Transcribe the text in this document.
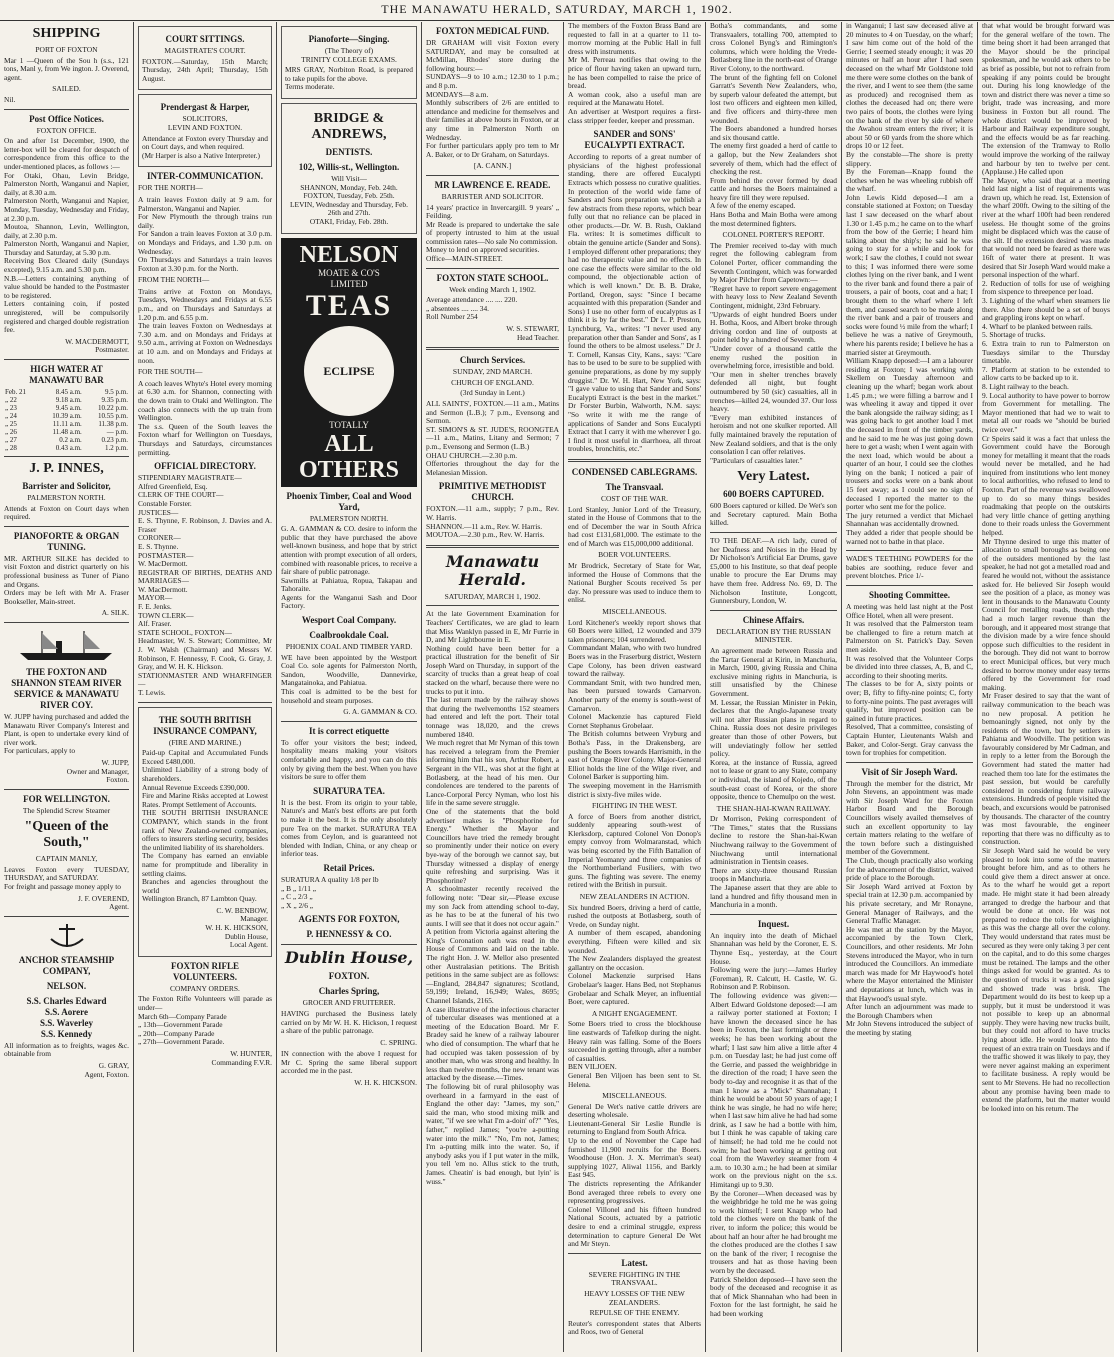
THE MANAWATU HERALD, SATURDAY, MARCH 1, 1902.
SHIPPING
PORT OF FOXTON
Mar 1 —Queen of the Sou h (s.s., 121 tons, Manl y, from We ington. J. Overend, agent.
SAILED.
Nil.
Post Office Notices.
FOXTON OFFICE.
On and after 1st December, 1900, the letter-box will be cleared for despatch of correspondence from this office to the under-mentioned places, as follows :—
For Otaki, Ohau, Levin Bridge, Palmerston North, Wanganui and Napier, daily, at 8.30 a.m.
Palmerston North, Wanganui and Napier, Monday, Tuesday, Wednesday and Friday, at 2.30 p.m.
Moutoa, Shannon, Levin, Wellington, daily, at 2.30 p.m.
Palmerston North, Wanganui and Napier, Thursday and Saturday, at 5.30 p.m.
Receiving Box Cleared daily (Sundays excepted), 9.15 a.m. and 5.30 p.m.
N.B.—Letters containing anything of value should be handed to the Postmaster to be registered.
Letters containing coin, if posted unregistered, will be compulsorily registered and charged double registration fee.
W. MACDERMOTT,
Postmaster.
HIGH WATER AT MANAWATU BAR
Feb. 21	8.45 a.m.	9.5 p.m.
„ 22	9.18 a.m.	9.35 p.m.
„ 23	9.45 a.m.	10.22 p.m.
„ 24	10.39 a.m.	10.55 p.m.
„ 25	11.11 a.m.	11.38 p.m.
„ 26	11.48 a.m.	— p.m.
„ 27	0.2 a.m.	0.23 p.m.
„ 28	0.43 a.m.	1.2 p.m.
J. P. INNES,
Barrister and Solicitor,
PALMERSTON NORTH.
Attends at Foxton on Court days when required.
PIANOFORTE & ORGAN TUNING.
MR. ARTHUR SILKE has decided to visit Foxton and district quarterly on his professional business as Tuner of Piano and Organs.
Orders may be left with Mr A. Fraser Bookseller, Main-street.
A. SILK.
THE FOXTON AND SHANNON STEAM RIVER SERVICE & MANAWATU RIVER COY.
W. JUPP having purchased and added the Manawatu River Company's Interest and Plant, is open to undertake every kind of river work.
For particulars, apply to
W. JUPP,
Owner and Manager,
Foxton.
FOR WELLINGTON.
The Splendid Screw Steamer
"Queen of the South,"
CAPTAIN MANLY,
Leaves Foxton every TUESDAY, THURSDAY, and SATURDAY.
For freight and passage money apply to
J. F. OVEREND,
Agent.
ANCHOR STEAMSHIP COMPANY,
NELSON.
S.S. Charles Edward
S.S. Aorere
S.S. Waverley
S.S. Kennedy
All information as to freights, wages &c. obtainable from
G. GRAY,
Agent, Foxton.
COURT SITTINGS.
MAGISTRATE'S COURT.
FOXTON.—Saturday, 15th March; Thursday, 24th April; Thursday, 15th August.
Prendergast & Harper,
SOLICITORS,
LEVIN AND FOXTON.
Attendance at Foxton every Thursday and on Court days, and when required.
(Mr Harper is also a Native Interpreter.)
INTER-COMMUNICATION.
FOR THE NORTH—
A train leaves Foxton daily at 9 a.m. for Palmerston, Wanganui and Napier.
For New Plymouth the through trains run daily.
For Sandon a train leaves Foxton at 3.0 p.m. on Mondays and Fridays, and 1.30 p.m. on Wednesday.
On Thursdays and Saturdays a train leaves Foxton at 3.30 p.m. for the North.
FROM THE NORTH—
Trains arrive at Foxton on Mondays, Tuesdays, Wednesdays and Fridays at 6.55 p.m., and on Thursdays and Saturdays at 1.20 p.m. and 6.55 p.m.
The train leaves Foxton on Wednesdays at 7.30 a.m. and on Mondays and Fridays at 9.50 a.m., arriving at Foxton on Wednesdays at 10 a.m. and on Mondays and Fridays at noon.
FOR THE SOUTH—
A coach leaves Whyte's Hotel every morning at 6.30 a.m. for Shannon, connecting with the down train to Otaki and Wellington. The coach also connects with the up train from Wellington.
The s.s. Queen of the South leaves the Foxton wharf for Wellington on Tuesdays, Thursdays and Saturdays, circumstances permitting.
OFFICIAL DIRECTORY.
STIPENDIARY MAGISTRATE—
Alfred Greenfield, Esq.
CLERK OF THE COURT—
Constable Forster.
JUSTICES—
E. S. Thynne, F. Robinson, J. Davies and A. Fraser
CORONER—
E. S. Thynne.
POSTMASTER—
W. MacDermott.
REGISTRAR OF BIRTHS, DEATHS AND MARRIAGES—
W. MacDermott.
MAYOR—
F. E. Jenks.
TOWN CLERK—
Alf. Fraser.
STATE SCHOOL, FOXTON—
Headmaster, W. S. Stewart; Committee, Mr J. W. Walsh (Chairman) and Messrs W. Robinson, F. Hennessy, F. Cook, G. Gray, J. Gray, and W. H. K. Hickson.
STATIONMASTER AND WHARFINGER—
T. Lewis.
THE SOUTH BRITISH INSURANCE COMPANY,
(FIRE AND MARINE.)
Paid-up Capital and Accumulated Funds Exceed £480,000.
Unlimited Liability of a strong body of shareholders.
Annual Revenue Exceeds £390,000.
Fire and Marine Risks accepted at Lowest Rates. Prompt Settlement of Accounts.
THE SOUTH BRITISH INSURANCE COMPANY, which stands in the front rank of New Zealand-owned companies, offers to insurers sterling security, besides the unlimited liability of its shareholders.
The Company has earned an enviable name for promptitude and liberality in settling claims.
Branches and agencies throughout the world
Wellington Branch, 87 Lambton Quay.
C. W. BENBOW,
Manager.
W. H. K. HICKSON,
Dublin House,
Local Agent.
FOXTON RIFLE VOLUNTEERS.
COMPANY ORDERS.
The Foxton Rifle Volunteers will parade as under—
March 6th—Company Parade
„ 13th—Government Parade
„ 20th—Company Parade
„ 27th—Government Parade.
W. HUNTER,
Commanding F.V.R.
Pianoforte—Singing.
(The Theory of)
TRINITY COLLEGE EXAMS.
MRS GRAY, Norbiton Road, is prepared to take pupils for the above.
Terms moderate.
BRIDGE & ANDREWS,
DENTISTS.
102, Willis-st., Wellington.
Will Visit—
SHANNON, Monday, Feb. 24th.
FOXTON, Tuesday, Feb. 25th.
LEVIN, Wednesday and Thursday, Feb. 26th and 27th.
OTAKI, Friday, Feb. 28th.
NELSON
MOATE & CO'S
LIMITED
TEAS
ECLIPSE
TOTALLY
ALL OTHERS
Phoenix Timber, Coal and Wood Yard,
PALMERSTON NORTH.
G. A. GAMMAN & CO. desire to inform the public that they have purchased the above well-known business, and hope that by strict attention with prompt execution of all orders, combined with reasonable prices, to receive a fair share of public patronage.
Sawmills at Pahiatua, Ropua, Takapau and Tahoraite.
Agents for the Wanganui Sash and Door Factory.
Wesport Coal Company.
Coalbrookdale Coal.
PHOENIX COAL AND TIMBER YARD.
WE have been appointed by the Westport Coal Co. sole agents for Palmerston North, Sandon, Woodville, Dannevirke, Mangatainoka, and Pahiatua.
This coal is admitted to be the best for household and steam purposes.
G. A. GAMMAN & CO.
It is correct etiquette
To offer your visitors the best; indeed, hospitality means making your visitors comfortable and happy, and you can do this only by giving them the best. When you have visitors be sure to offer them
SURATURA TEA.
It is the best. From its origin to your table, Nature's and Man's best efforts are put forth to make it the best. It is the only absolutely pure Tea on the market. SURATURA TEA comes from Ceylon, and is guaranteed not blended with Indian, China, or any cheap or inferior teas.
Retail Prices.
SURATURA A quality 1/8 per lb
„ B „ 1/11 „
„ C „ 2/3 „
„ X „ 2/6 „
AGENTS FOR FOXTON,
P. HENNESSY & CO.
Dublin House,
FOXTON.
Charles Spring,
GROCER AND FRUITERER.
HAVING purchased the Business lately carried on by Mr W. H. K. Hickson, I request a share of the public patronage.
C. SPRING.
IN connection with the above I request for Mr C. Spring the same liberal support accorded me in the past.
W. H. K. HICKSON.
FOXTON MEDICAL FUND.
DR GRAHAM will visit Foxton every SATURDAY, and may be consulted at McMillan, Rhodes' store during the following hours:—
SUNDAYS—9 to 10 a.m.; 12.30 to 1 p.m.; and 8 p.m.
MONDAYS—8 a.m.
Monthly subscribers of 2/6 are entitled to attendance and medicine for themselves and their families at above hours in Foxton, or at any time in Palmerston North on Wednesday.
For further particulars apply pro tem to Mr A. Baker, or to Dr Graham, on Saturdays.
[A. CANN.]
MR LAWRENCE E. READE.
BARRISTER AND SOLICITOR.
14 years' practice in Invercargill. 9 years' „ Feilding.
Mr Reade is prepared to undertake the sale of property intrusted to him at the usual commission rates—No sale No commission.
Money to lend on approved securities.
Office—MAIN-STREET.
FOXTON STATE SCHOOL.
Week ending March 1, 1902.
Average attendance .... .... 220.
„ absentees .... .... 34.
Roll Number 254
W. S. STEWART,
Head Teacher.
Church Services.
SUNDAY, 2ND MARCH.
CHURCH OF ENGLAND.
(3rd Sunday in Lent.)
ALL SAINTS', FOXTON.—11 a.m., Matins and Sermon (L.B.); 7 p.m., Evensong and Sermon.
ST. SIMON'S & ST. JUDE'S, ROONGTEA—11 a.m., Matins, Litany and Sermon; 7 p.m., Evensong and Sermon (L.B.)
OHAU CHURCH.—2.30 p.m.
Offertories throughout the day for the Melanesian Mission.
PRIMITIVE METHODIST CHURCH.
FOXTON.—11 a.m., supply; 7 p.m., Rev. W. Harris.
SHANNON.—11 a.m., Rev. W. Harris.
MOUTOA.—2.30 p.m., Rev. W. Harris.
Manawatu Herald.
SATURDAY, MARCH 1, 1902.
At the late Government Examination for Teachers' Certificates, we are glad to learn that Miss Wanklyn passed in E, Mr Furrie in D, and Mr Lightbourne in E.
Nothing could have been better for a practical illustration for the benefit of Sir Joseph Ward on Thursday, in support of the scarcity of trucks than a great heap of coal stacked on the wharf, because there were no trucks to put it into.
The last return made by the railway shows that during the twelvemonths 152 steamers had entered and left the port. Their total tonnage was 18,020, and the crews numbered 1840.
We much regret that Mr Nyman of this town has received a telegram from the Premier informing him that his son, Arthur Robert, a Sergeant in the VII., was shot at the fight at Botlasberg, at the head of his men. Our condolences are tendered to the parents of Lance-Corporal Percy Nyman, who lost his life in the same severe struggle.
One of the statements that the bold advertiser makes is "Phosphorine for Energy." Whether the Mayor and Councillors have tried the remedy brought so prominently under their notice on every bye-way of the borough we cannot say, but Thursday witnessed a display of energy quite refreshing and surprising. Was it Phosphorine?
A schoolmaster recently received the following note: "Dear sir,—Please excuse my son Jack from attending school to-day, as he has to be at the funeral of his two aunts. I will see that it does not occur again."
A petition from Victoria against altering the King's Coronation oath was read in the House of Commons and laid on the table. The right Hon. J. W. Mellor also presented other Australasian petitions. The British petitions in the same subject are as follows:—England, 284,847 signatures; Scotland, 59,199; Ireland, 16,949; Wales, 8695; Channel Islands, 2165.
A case illustrative of the infectious character of tubercular diseases was mentioned at a meeting of the Education Board. Mr F. Bradey said he knew of a railway labourer who died of consumption. The wharf that he had occupied was taken possession of by another man, who was strong and healthy. In less than twelve months, the new tenant was attacked by the disease.—Times.
The following bit of rural philosophy was overheard in a farmyard in the east of England the other day: "James, my son," said the man, who stood mixing milk and water, "if we see what I'm a-doin' of?" "Yes, father," replied James; "you're a-putting water into the milk." "No, I'm not, James; I'm a-putting milk into the water. So, if anybody asks you if I put water in the milk, you tell 'em no. Allus stick to the truth, James. Cheatin' is bad enough, but lyin' is wuss."
The members of the Foxton Brass Band are requested to fall in at a quarter to 11 to-morrow morning at the Public Hall in full dress with instruments.
Mr M. Perreau notifies that owing to the price of flour having taken an upward turn, he has been compelled to raise the price of bread.
A woman cook, also a useful man are required at the Manawatu Hotel.
An advertiser at Westport requires a first-class stripper feeder, keeper and pressman.
SANDER and SONS' EUCALYPTI EXTRACT.
According to reports of a great number of physicians of the highest professional standing, there are offered Eucalypti Extracts which possess no curative qualities. In protection of the world wide fame of Sanders and Sons preparation we publish a few abstracts from these reports, which bear fully out that no reliance can be placed in other products.—Dr. W. B. Rush, Oakland Fla. writes: It is sometimes difficult to obtain the genuine article (Sander and Sons). I employed different other preparations; they had no therapeutic value and no effects. In one case the effects were similar to the old compound, the objectionable action of which is well known." Dr. B. B. Drake, Portland, Oregon, says: "Since I became acquainted with this preparation (Sander and Sons) I use no other form of eucalyptus as I think it is by far the best." Dr L. P. Preston, Lynchburg, Va., writes: "I never used any preparation other than Sander and Sons', as I found the others to be almost useless." Dr J. T. Cornell, Kansas City, Kans., says: "Care has to be used to be sure to be supplied with genuine preparations, as done by my supply druggist." Dr. W. H. Hart, New York, says: "I gave value to using that Sander and Sons' Eucalypti Extract is the best in the market." Dr Forster Burbin, Walworth, N.M. says: "So write it with me the range of applications of Sander and Sons Eucalypti Extract that I carry it with me wherever I go. I find it most useful in diarrhoea, all throat troubles, bronchitis, etc."
CONDENSED CABLEGRAMS.
The Transvaal.
COST OF THE WAR.
Lord Stanley, Junior Lord of the Treasury, stated in the House of Commons that to the end of December the war in South Africa had cost £131,681,000. The estimate to the end of March was £15,000,000 additional.
BOER VOLUNTEERS.
Mr Brodrick, Secretary of State for War, informed the House of Commons that the National Burgher Scouts received 5s per day. No pressure was used to induce them to enlist.
MISCELLANEOUS.
Lord Kitchener's weekly report shows that 60 Boers were killed, 12 wounded and 379 taken prisoners; 104 surrendered.
Commandant Malan, who with two hundred Boers was in the Fraserburg district, Western Cape Colony, has been driven eastward toward the railway.
Commandant Smit, with two hundred men, has been pursued towards Carnarvon. Another party of the enemy is south-west of Carnarvon.
Colonel Mackenzie has captured Field Cornet Stephanus Grobelaar.
The British columns between Vryburg and Botha's Pass, in the Drakensberg, are pushing the Boers towards Harrismith, in the east of Orange River Colony. Major-General Elliot holds the line of the Wilge river, and Colonel Barker is supporting him.
The sweeping movement in the Harrismith district is sixty-five miles wide.
FIGHTING IN THE WEST.
A force of Boers from another district, suddenly appearing south-west of Klerksdorp, captured Colonel Von Donop's empty convoy from Wolmaranstad, which was being escorted by the Fifth Battalion of Imperial Yeomanry and three companies of the Northumberland Fusiliers, with two guns. The fighting was severe. The enemy retired with the British in pursuit.
NEW ZEALANDERS IN ACTION.
Six hundred Boers, driving a herd of cattle, rushed the outposts at Botlasberg, south of Vrede, on Sunday night.
A number of them escaped, abandoning everything. Fifteen were killed and six wounded.
The New Zealanders displayed the greatest gallantry on the occasion.
Colonel Mackenzie surprised Hans Grobelaar's laager. Hans Bed, not Stephanus Grobelaar and Schalk Meyer, an influential Boer, were captured.
A NIGHT ENGAGEMENT.
Some Boers tried to cross the blockhouse line eastwards of Tafelkop during the night. Heavy rain was falling. Some of the Boers succeeded in getting through, after a number of casualties.
BEN VILJOEN.
General Ben Viljoen has been sent to St. Helena.
MISCELLANEOUS.
General De Wet's native cattle drivers are deserting wholesale.
Lieutenant-General Sir Leslie Rundle is returning to England from South Africa.
Up to the end of November the Cape had furnished 11,900 recruits for the Boers. Woodhouse (Hon. J. X. Merriman's seat) supplying 1027, Aliwal 1156, and Barkly East 945.
The districts representing the Afrikander Bond averaged three rebels to every one representing progressives.
Colonel Villonel and his fifteen hundred National Scouts, actuated by a patriotic desire to end a criminal struggle, express determination to capture General De Wet and Mr Steyn.
Latest.
SEVERE FIGHTING IN THE TRANSVAAL.
HEAVY LOSSES OF THE NEW ZEALANDERS.
REPULSE OF THE ENEMY.
Reuter's correspondent states that Alberts and Roos, two of General
Botha's commandants, and some Transvaalers, totalling 700, attempted to cross Colonel Byng's and Rimington's columns, which were holding the Vrede-Botlasberg line in the north-east of Orange River Colony, to the northward.
The brunt of the fighting fell on Colonel Garratt's Seventh New Zealanders, who, by superb valour defeated the attempt, but lost two officers and eighteen men killed, and five officers and thirty-three men wounded.
The Boers abandoned a hundred horses and six thousand cattle.
The enemy first goaded a herd of cattle to a gallop, but the New Zealanders shot severely of them, which had the effect of checking the rest.
From behind the cover formed by dead cattle and horses the Boers maintained a heavy fire till they were repulsed.
A few of the enemy escaped.
Hans Botha and Main Botha were among the most determined fighters.
COLONEL PORTER'S REPORT.
The Premier received to-day with much regret the following cablegram from Colonel Porter, officer commanding the Seventh Contingent, which was forwarded by Major Pilcher from Capetown:—
"Regret have to report severe engagement with heavy loss to New Zealand Seventh Contingent, midnight, 23rd February.
"Upwards of eight hundred Boers under H. Botha, Koos, and Albert broke through driving cordon and line of outposts at point held by a hundred of Seventh.
"Under cover of a thousand cattle the enemy rushed the position in overwhelming force, irresistible and bold.
"Our men in shelter trenches bravely defended all night, but fought outnumbered by 50 (sic) casualties, all in trenches—killed 24, wounded 37. Our loss heavy.
"Every man exhibited instances of heroism and not one skulker reported. All fully maintained bravely the reputation of New Zealand soldiers, and that is the only consolation I can offer relatives.
"Particulars of casualties later."
Very Latest.
600 BOERS CAPTURED.
600 Boers captured or killed. De Wet's son and Secretary captured. Main Botha killed.
TO THE DEAF.—A rich lady, cured of her Deafness and Noises in the Head by Dr Nicholson's Artificial Ear Drums, gave £5,000 to his Institute, so that deaf people unable to procure the Ear Drums may have them free. Address No. 69, D. The Nicholson Institute, Longcott, Gunnersbury, London, W.
Chinese Affairs.
DECLARATION BY THE RUSSIAN MINISTER.
An agreement made between Russia and the Tartar General at Kirin, in Manchuria, in March, 1900, giving Russia and China exclusive mining rights in Manchuria, is still unsatisfied by the Chinese Government.
M. Lessar, the Russian Minister in Pekin, declares that the Anglo-Japanese treaty will not alter Russian plans in regard to China. Russia does not desire privileges greater than those of other Powers, but will undeviatingly follow her settled policy.
Korea, at the instance of Russia, agreed not to lease or grant to any State, company or individual, the island of Kojedo, off the south-east coast of Korea, or the shore opposite, thence to Chemulpo on the west.
THE SHAN-HAI-KWAN RAILWAY.
Dr Morrison, Peking correspondent of "The Times," states that the Russians decline to restore the Shan-hai-Kwan Niuchwang railway to the Government of Niuchwang until international administration in Tientsin ceases.
There are sixty-three thousand Russian troops in Manchuria.
The Japanese assert that they are able to land a hundred and fifty thousand men in Manchuria in a month.
Inquest.
An inquiry into the death of Michael Shannahan was held by the Coroner, E. S. Thynne Esq., yesterday, at the Court House.
Following were the jury:—James Hurley (Foreman), R. Calcutt, H. Castle, W. G. Robinson and P. Robinson.
The following evidence was given:—Albert Edward Goldstone deposed:—I am a railway porter stationed at Foxton; I have known the deceased since he has been in Foxton, the last fortnight or three weeks; he has been working about the wharf; I last saw him alive a little after 4 p.m. on Tuesday last; he had just come off the Gerrie, and passed the weighbridge in the direction of the road; I have seen the body to-day and recognise it as that of the man I know as a "Mick" Shannahan; I think he would be about 50 years of age; I think he was single, he had no wife here; when I last saw him alive he had had some drink, as I saw he had a bottle with him, but I think he was capable of taking care of himself; he had told me he could not swim; he had been working at getting out coal from the Waverley steamer from 4 a.m. to 10.30 a.m.; he had been at similar work on the previous night on the s.s. Himitangi up to 9.30.
By the Coroner—When deceased was by the weighbridge he told me he was going to work himself; I sent Knapp who had told the clothes were on the bank of the river, to inform the police; this would be about half an hour after he had brought me the clothes produced are the clothes I saw on the bank of the river; I recognise the trousers and hat as those having been worn by the deceased.
Patrick Sheldon deposed—I have seen the body of the deceased and recognise it as that of Mick Shannahan who had been in Foxton for the last fortnight, he said he had been working
in Wanganui; I last saw deceased alive at 20 minutes to 4 on Tuesday, on the wharf; I saw him come out of the hold of the Gerrie; I seemed steady enough; it was 20 minutes or half an hour after I had seen deceased on the wharf Mr Goldstone told me there were some clothes on the bank of the river, and I went to see them (the same as produced) and recognised them as clothes the deceased had on; there were two pairs of boots, the clothes were lying on the bank of the river by side of where the Awahou stream enters the river; it is about 50 or 60 yards from the shore which drops 10 or 12 feet.
By the constable—The shore is pretty slippery.
By the Foreman—Knapp found the clothes when he was wheeling rubbish off the wharf.
John Lewis Kidd deposed—I am a constable stationed at Foxton; on Tuesday last I saw deceased on the wharf about 1.30 or 1.45 p.m.; he came on to the wharf from the bow of the Gerrie; I heard him talking about the ship's; he said he was going to stay for a while and look for work; I saw the clothes, I could not swear to this; I was informed there were some clothes lying on the river bank, and I went to the river bank and found there a pair of trousers, a pair of boots, coat and a hat; I brought them to the wharf where I left them, and caused search to be made along the river bank and a pair of trousers and socks were found ½ mile from the wharf; I believe he was a native of Greymouth, where his parents reside; I believe he has a married sister at Greymouth.
William Knapp deposed:—I am a labourer residing at Foxton; I was working with Skellem on Tuesday afternoon and cleaning up the wharf; began work about 1.45 p.m.; we were filling a barrow and I was wheeling it away and tipped it over the bank alongside the railway siding; as I was going back to get another load I met the deceased in front of the timber yards, and he said to me he was just going down here to get a wash; when I went again with the next load, which would be about a quarter of an hour, I could see the clothes lying on the bank; I noticed a pair of trousers and socks were on a bank about 15 feet away; as I could see no sign of deceased I reported the matter to the porter who sent me for the police.
The jury returned a verdict that Michael Shannahan was accidentally drowned.
They added a rider that people should be warned not to bathe in that place.
WADE'S TEETHING POWDERS for the babies are soothing, reduce fever and prevent blotches. Price 1/-
Shooting Committee.
A meeting was held last night at the Post Office Hotel, when all were present.
It was resolved that the Palmerston team be challenged to fire a return match at Palmerston on St. Patrick's Day. Seven men aside.
It was resolved that the Volunteer Corps be divided into three classes, A, B, and C, according to their shooting merits.
The classes to be for A, sixty points or over; B, fifty to fifty-nine points; C, forty to forty-nine points. The past averages will qualify, but improved position can be gained in future practices.
Resolved, That a committee, consisting of Captain Hunter, Lieutenants Walsh and Baker, and Color-Sergt. Gray canvass the town for trophies for competition.
Visit of Sir Joseph Ward.
Through the member for the district, Mr John Stevens, an appointment was made with Sir Joseph Ward for the Foxton Harbor Board and the Borough Councillors wisely availed themselves of such an excellent opportunity to lay certain matters relating to the welfare of the town before such a distinguished member of the Government.
The Club, though practically also working for the advancement of the district, waived pride of place to the Borough.
Sir Joseph Ward arrived at Foxton by special train at 12.30 p.m. accompanied by his private secretary, and Mr Ronayne, General Manager of Railways, and the General Traffic Manager.
He was met at the station by the Mayor, accompanied by the Town Clerk, Councillors, and other residents. Mr John Stevens introduced the Mayor, who in turn introduced the Councillors. An immediate march was made for Mr Haywood's hotel where the Mayor entertained the Minister and deputations at lunch, which was in that Haywood's usual style.
After lunch an adjournment was made to the Borough Chambers when
Mr John Stevens introduced the subject of the meeting by stating
that what would be brought forward was for the general welfare of the town. The time being short it had been arranged that the Mayor should be the principal spokesman, and he would ask others to be as brief as possible, but not to refrain from speaking if any points could be brought out. During his long knowledge of the town and district there was never a time so bright, trade was increasing, and more business in Foxton but all round. The whole district would be improved by Harbour and Railway expenditure sought, and the effects would be as far reaching. The extension of the Tramway to Rollo would improve the working of the railway and harbour by ten to twelve per cent. (Applause.) He called upon
The Mayor, who said that at a meeting held last night a list of requirements was drawn up, which he read. 1st, Extension of the wharf 200ft. Owing to the silting of the river at the wharf 100ft had been rendered useless. He thought some of the groins might be displaced which was the cause of the silt. If the extension desired was made that would not need be feared as there was 16ft of water there at present. It was desired that Sir Joseph Ward would make a personal inspection of the wharf.
2. Reduction of tolls for use of weighing from sixpence to threepence per load.
3. Lighting of the wharf when steamers lie there. Also there should be a set of buoys and grappling irons kept on wharf.
4. Wharf to be planked between rails.
5. Shortage of trucks.
6. Extra train to run to Palmerston on Tuesdays similar to the Thursday timetable.
7. Platform at station to be extended to allow carts to be backed up to it.
8. Light railway to the beach.
9. Local authority to have power to borrow from Government for metalling. The Mayor mentioned that had we to wait to metal all our roads we "should be buried twice over."
Cr Speirs said it was a fact that unless the Government could have the Borough money for metalling it meant that the roads would never be metalled, and he had inquired from institutions who lent money to local authorities, who refused to lend to Foxton. Part of the revenue was swallowed up to do so many things besides roadmaking that people on the outskirts had very little chance of getting anything done to their roads unless the Government helped.
Mr Thynne desired to urge this matter of allocation to small boroughs as being one of the outsiders mentioned by the last speaker, he had not got a metalled road and feared he would not, without the assistance asked for. He believed Sir Joseph would see the position of a place, as money was lent in thousands to the Manawatu County Council for metalling roads, though they had a much larger revenue than the borough, and it appeared most strange that the division made by a wire fence should oppose such difficulties to the resident in the borough. They did not want to borrow to erect Municipal offices, but very much desired to borrow money under easy terms offered by the Government for road making.
Mr Fraser desired to say that the want of railway communication to the beach was no new proposal. A petition he bemoaningly signed, not only by the residents of the town, but by settlers in Pahiatua and Woodville. The petition was favourably considered by Mr Cadman, and in reply to a letter from the Borough the Government had stated the matter had reached them too late for the estimates the past session, but would be carefully considered in considering future railway extensions. Hundreds of people visited the beach, and excursions would be patronised by thousands. The character of the country was most favourable, the engineer reporting that there was no difficulty as to construction.
Sir Joseph Ward said he would be very pleased to look into some of the matters brought before him, and as to others he could give them a direct answer at once. As to the wharf he would get a report made. He might state it had been already arranged to dredge the harbour and that would be done at once. He was not prepared to reduce the tolls for weighing as this was the charge all over the colony. They would understand that rates must be secured as they were only taking 3 per cent on the capital, and to do this some charges must be retained. The lamps and the other things asked for would be granted. As to the question of trucks it was a good sign and showed trade was brisk. The Department would do its best to keep up a supply, but it must be understood it was not possible to keep up an abnormal supply. They were having new trucks built, but they could not afford to have trucks lying about idle. He would look into the request of an extra train on Tuesdays and if the traffic showed it was likely to pay, they were never against making an experiment to facilitate business. A reply would be sent to Mr Stevens. He had no recollection about any promise having been made to extend the platform, but the matter would be looked into on his return. The
